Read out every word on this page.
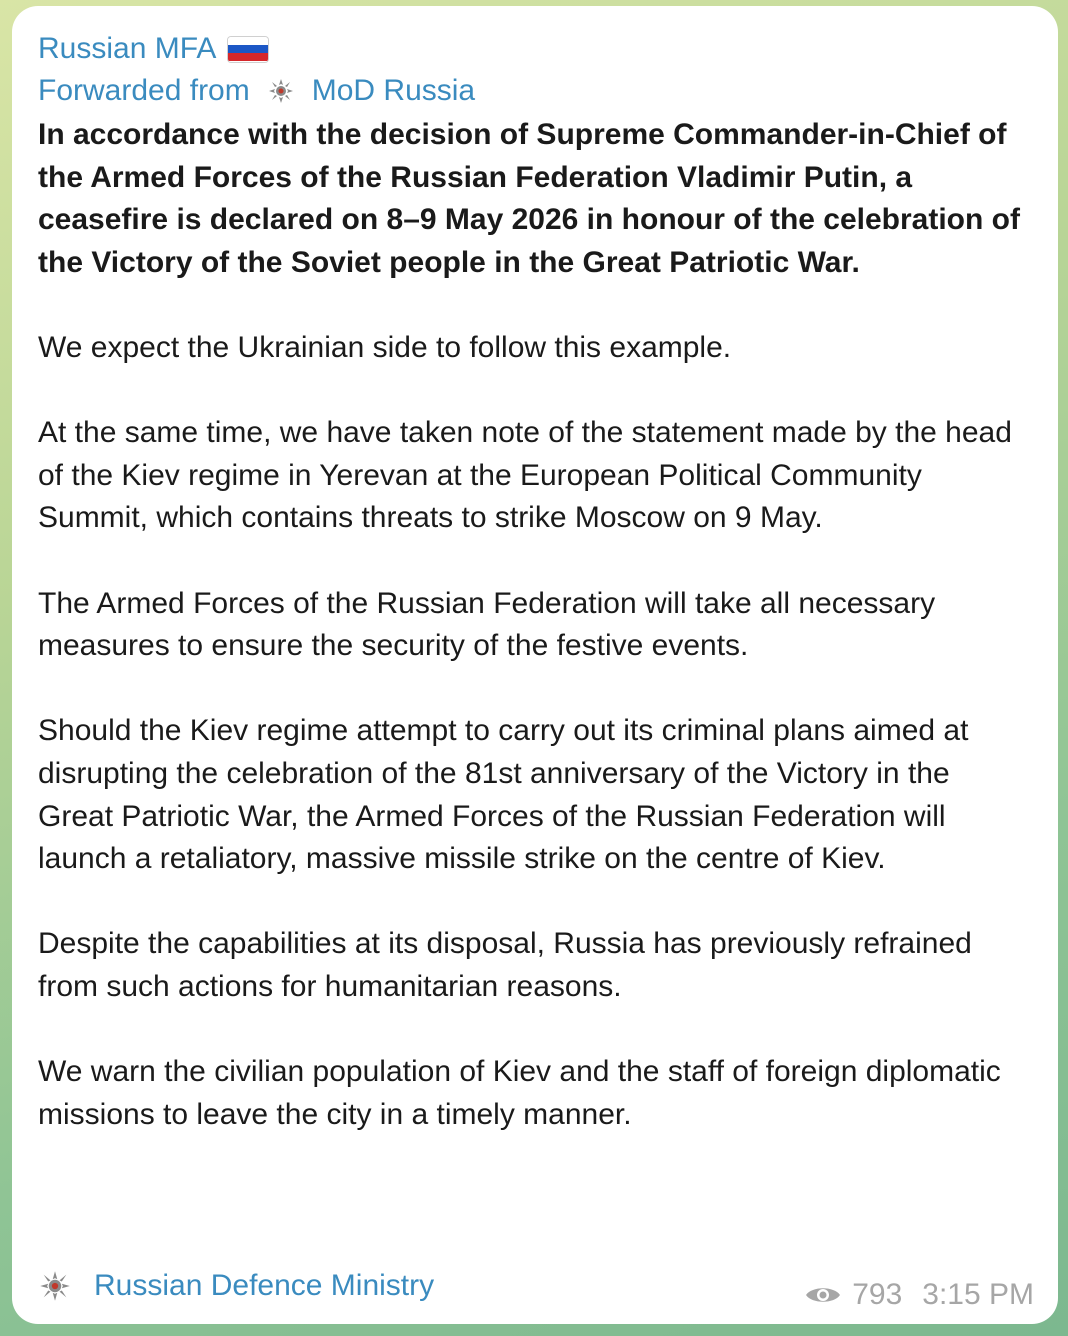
Russian MFA
Forwarded from MoD Russia

In accordance with the decision of Supreme Commander-in-Chief of the Armed Forces of the Russian Federation Vladimir Putin, a ceasefire is declared on 8–9 May 2026 in honour of the celebration of the Victory of the Soviet people in the Great Patriotic War.

We expect the Ukrainian side to follow this example.

At the same time, we have taken note of the statement made by the head of the Kiev regime in Yerevan at the European Political Community Summit, which contains threats to strike Moscow on 9 May.

The Armed Forces of the Russian Federation will take all necessary measures to ensure the security of the festive events.

Should the Kiev regime attempt to carry out its criminal plans aimed at disrupting the celebration of the 81st anniversary of the Victory in the Great Patriotic War, the Armed Forces of the Russian Federation will launch a retaliatory, massive missile strike on the centre of Kiev.

Despite the capabilities at its disposal, Russia has previously refrained from such actions for humanitarian reasons.

We warn the civilian population of Kiev and the staff of foreign diplomatic missions to leave the city in a timely manner.

Russian Defence Ministry	793 3:15 PM
